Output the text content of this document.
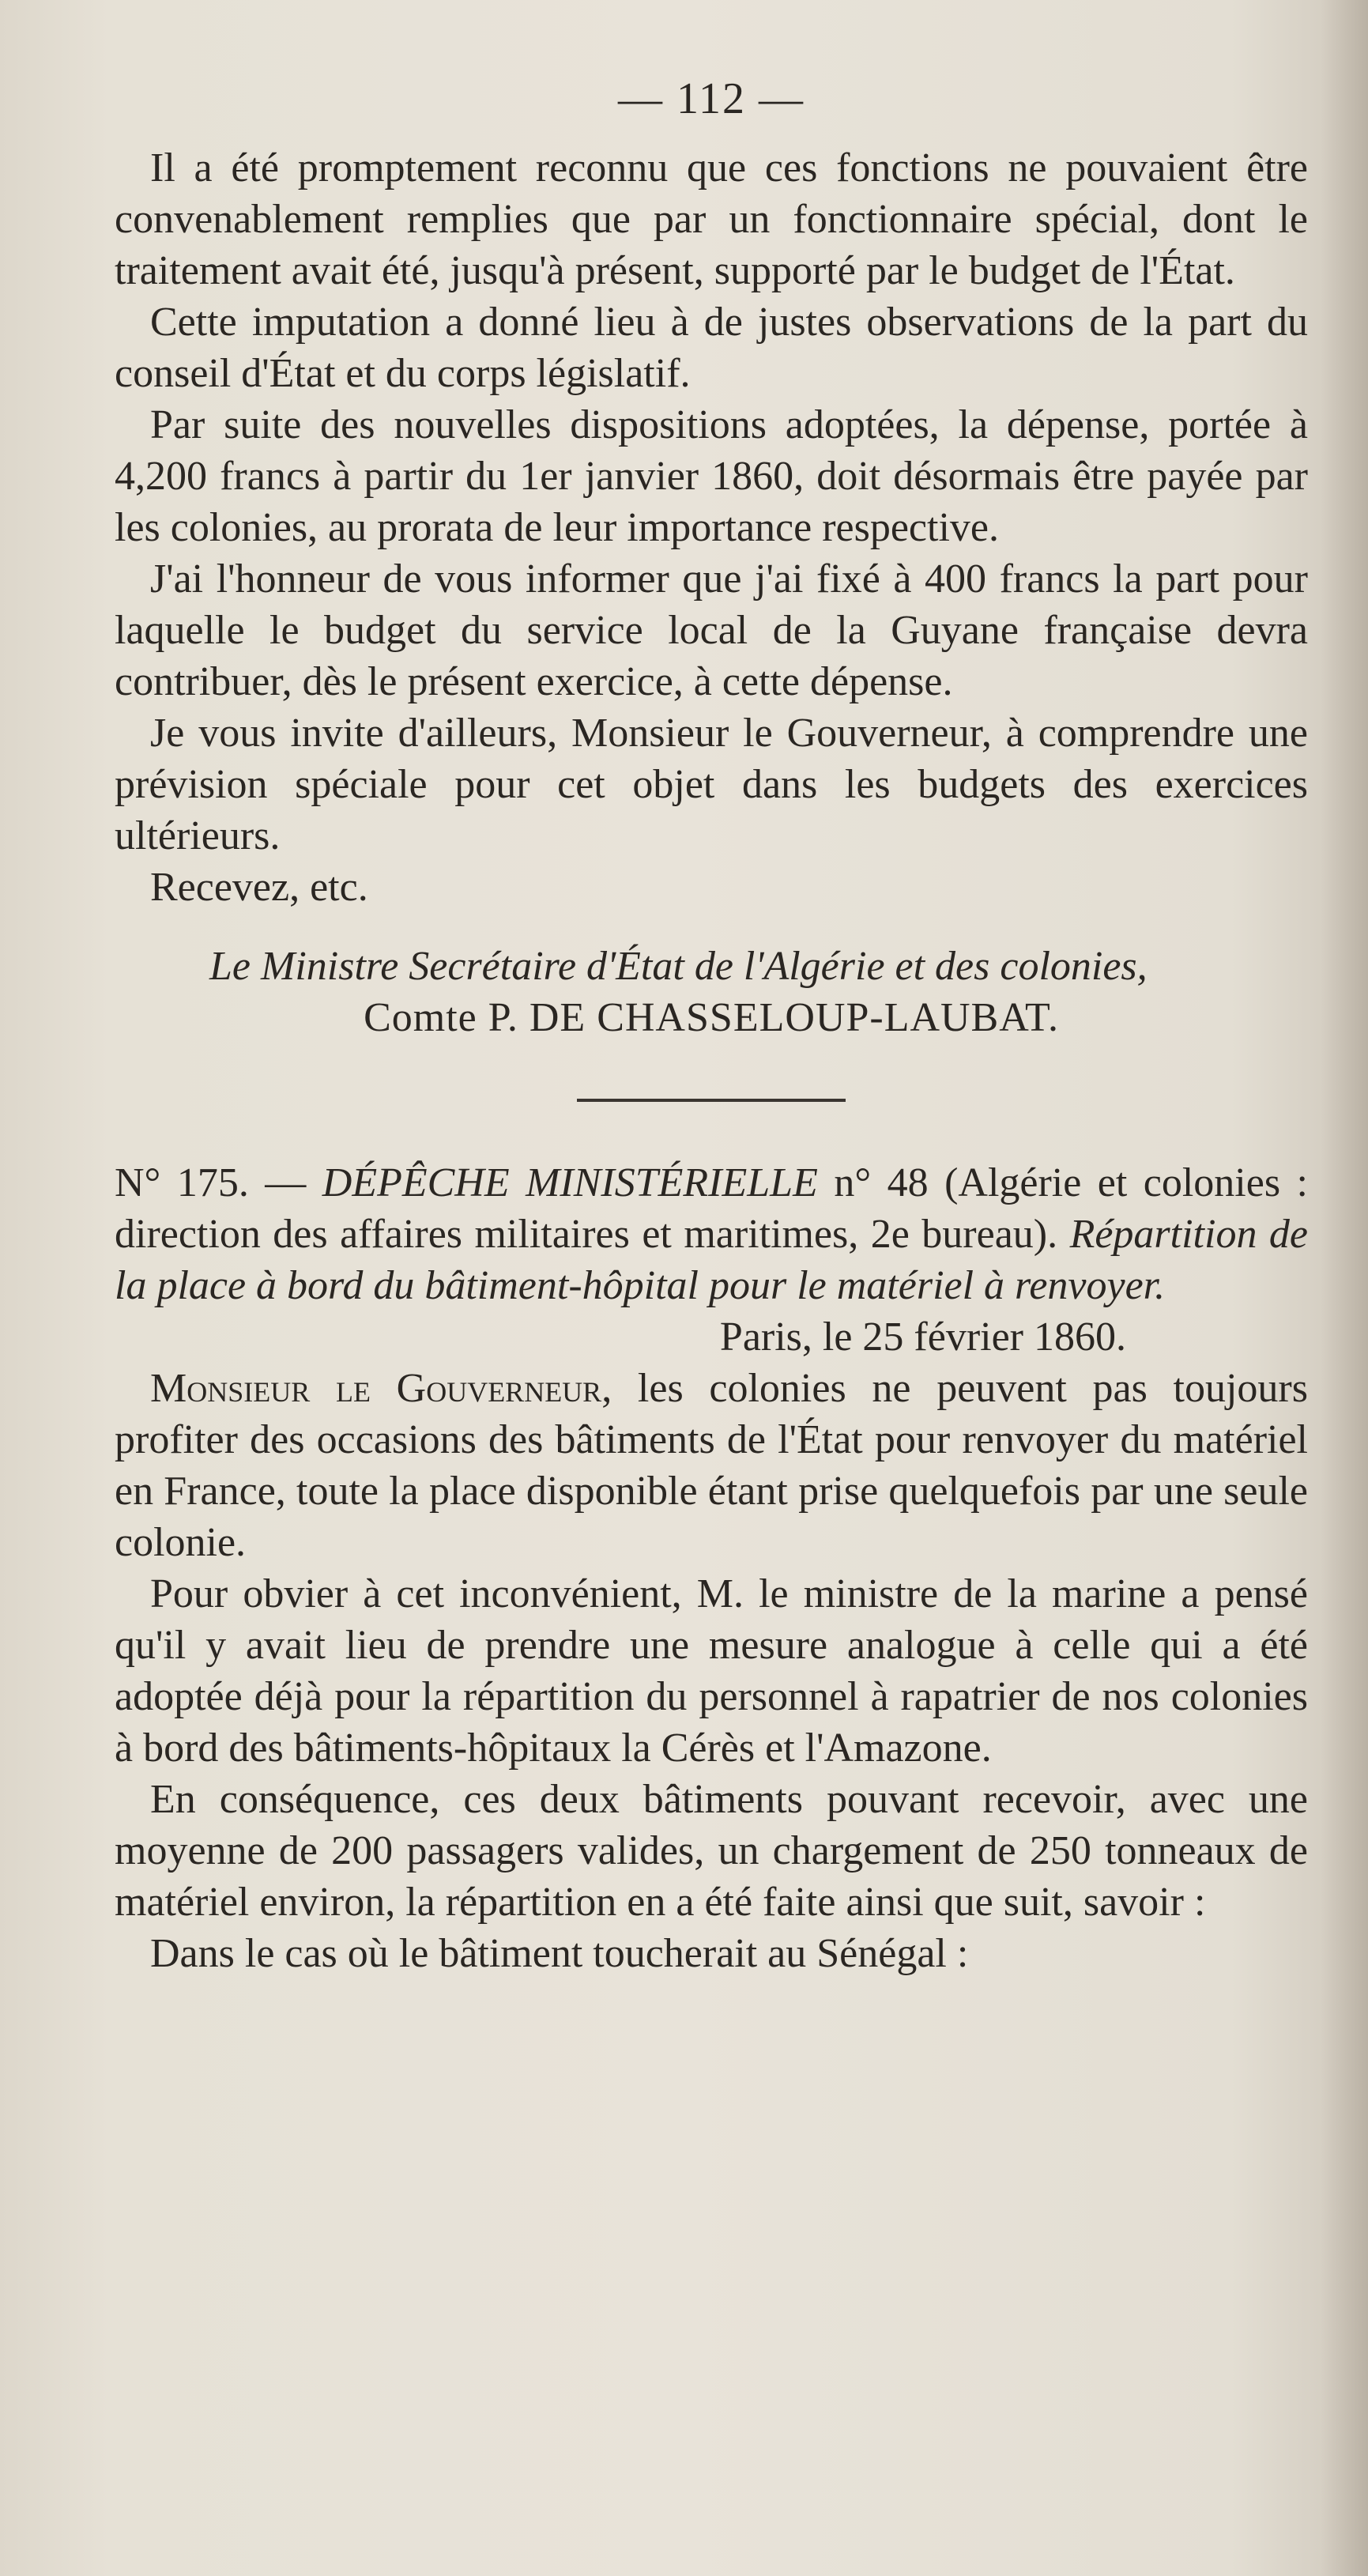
— 112 —

Il a été promptement reconnu que ces fonctions ne pouvaient être convenablement remplies que par un fonctionnaire spécial, dont le traitement avait été, jusqu'à présent, supporté par le budget de l'État.

Cette imputation a donné lieu à de justes observations de la part du conseil d'État et du corps législatif.

Par suite des nouvelles dispositions adoptées, la dépense, portée à 4,200 francs à partir du 1er janvier 1860, doit désormais être payée par les colonies, au prorata de leur importance respective.

J'ai l'honneur de vous informer que j'ai fixé à 400 francs la part pour laquelle le budget du service local de la Guyane française devra contribuer, dès le présent exercice, à cette dépense.

Je vous invite d'ailleurs, Monsieur le Gouverneur, à comprendre une prévision spéciale pour cet objet dans les budgets des exercices ultérieurs.

Recevez, etc.

Le Ministre Secrétaire d'État de l'Algérie et des colonies,

Comte P. DE CHASSELOUP-LAUBAT.

N° 175. — DÉPÊCHE MINISTÉRIELLE n° 48 (Algérie et colonies : direction des affaires militaires et maritimes, 2e bureau). Répartition de la place à bord du bâtiment-hôpital pour le matériel à renvoyer.

Paris, le 25 février 1860.

Monsieur le Gouverneur, les colonies ne peuvent pas toujours profiter des occasions des bâtiments de l'État pour renvoyer du matériel en France, toute la place disponible étant prise quelquefois par une seule colonie.

Pour obvier à cet inconvénient, M. le ministre de la marine a pensé qu'il y avait lieu de prendre une mesure analogue à celle qui a été adoptée déjà pour la répartition du personnel à rapatrier de nos colonies à bord des bâtiments-hôpitaux la Cérès et l'Amazone.

En conséquence, ces deux bâtiments pouvant recevoir, avec une moyenne de 200 passagers valides, un chargement de 250 tonneaux de matériel environ, la répartition en a été faite ainsi que suit, savoir :

Dans le cas où le bâtiment toucherait au Sénégal :
